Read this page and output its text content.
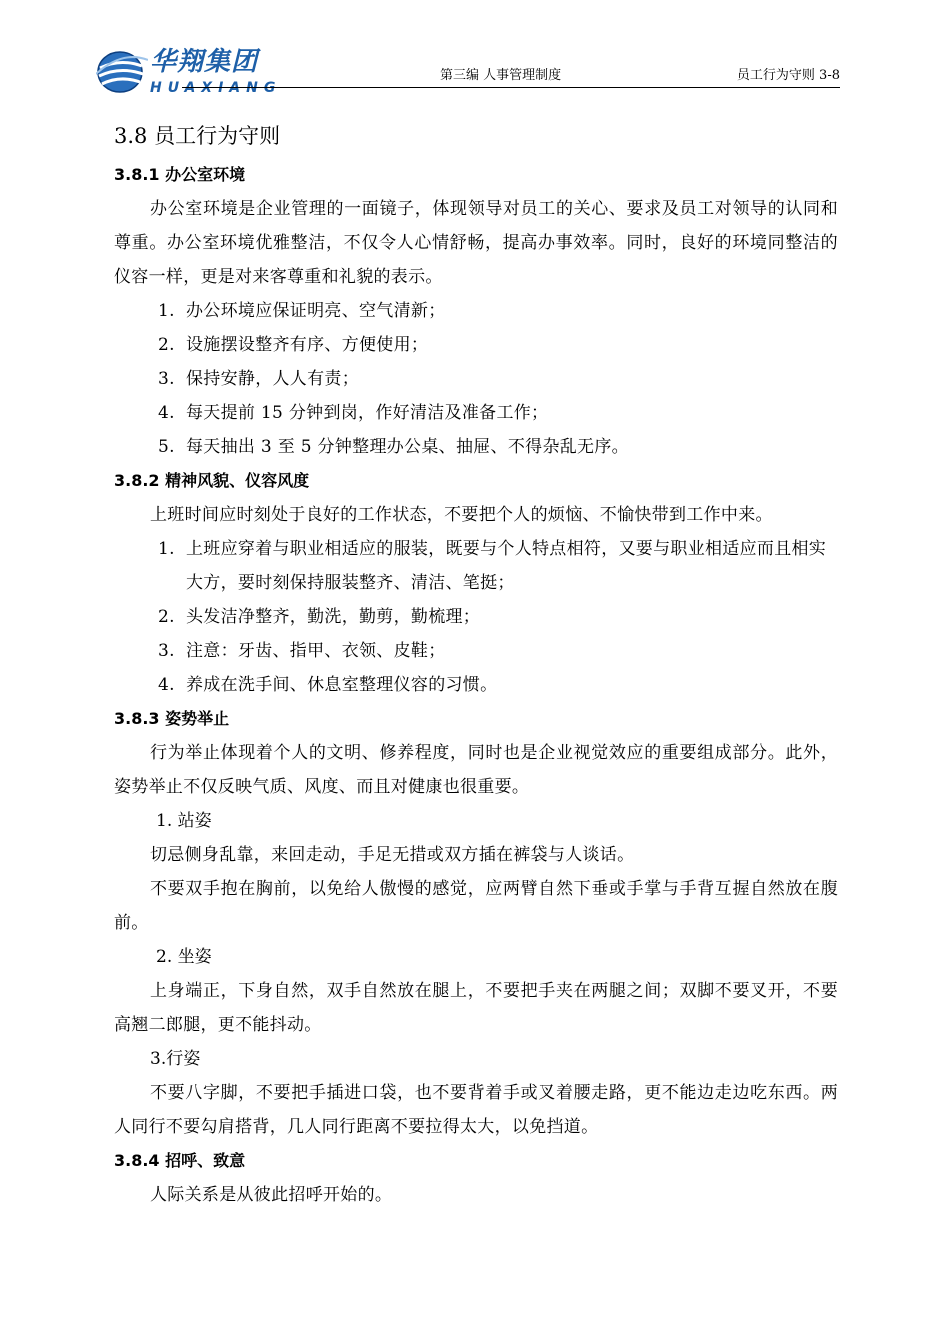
华翔集团
HUAXIANG
第三编 人事管理制度	员工行为守则 3-8
3.8 员工行为守则
3.8.1 办公室环境

办公室环境是企业管理的一面镜子，体现领导对员工的关心、要求及员工对领导的认同和尊重。办公室环境优雅整洁，不仅令人心情舒畅，提高办事效率。同时，良好的环境同整洁的仪容一样，更是对来客尊重和礼貌的表示。

1. 办公环境应保证明亮、空气清新；
2. 设施摆设整齐有序、方便使用；
3. 保持安静，人人有责；
4. 每天提前 15 分钟到岗，作好清洁及准备工作；
5. 每天抽出 3 至 5 分钟整理办公桌、抽屉、不得杂乱无序。
3.8.2 精神风貌、仪容风度

上班时间应时刻处于良好的工作状态，不要把个人的烦恼、不愉快带到工作中来。

1. 上班应穿着与职业相适应的服装，既要与个人特点相符，又要与职业相适应而且相实大方，要时刻保持服装整齐、清洁、笔挺；
2. 头发洁净整齐，勤洗，勤剪，勤梳理；
3. 注意：牙齿、指甲、衣领、皮鞋；
4. 养成在洗手间、休息室整理仪容的习惯。
3.8.3 姿势举止

行为举止体现着个人的文明、修养程度，同时也是企业视觉效应的重要组成部分。此外，姿势举止不仅反映气质、风度、而且对健康也很重要。

1. 站姿

切忌侧身乱靠，来回走动，手足无措或双方插在裤袋与人谈话。

不要双手抱在胸前，以免给人傲慢的感觉，应两臂自然下垂或手掌与手背互握自然放在腹前。

2. 坐姿

上身端正，下身自然，双手自然放在腿上，不要把手夹在两腿之间；双脚不要叉开，不要高翘二郎腿，更不能抖动。

3.行姿

不要八字脚，不要把手插进口袋，也不要背着手或叉着腰走路，更不能边走边吃东西。两人同行不要勾肩搭背，几人同行距离不要拉得太大，以免挡道。

3.8.4 招呼、致意

人际关系是从彼此招呼开始的。
